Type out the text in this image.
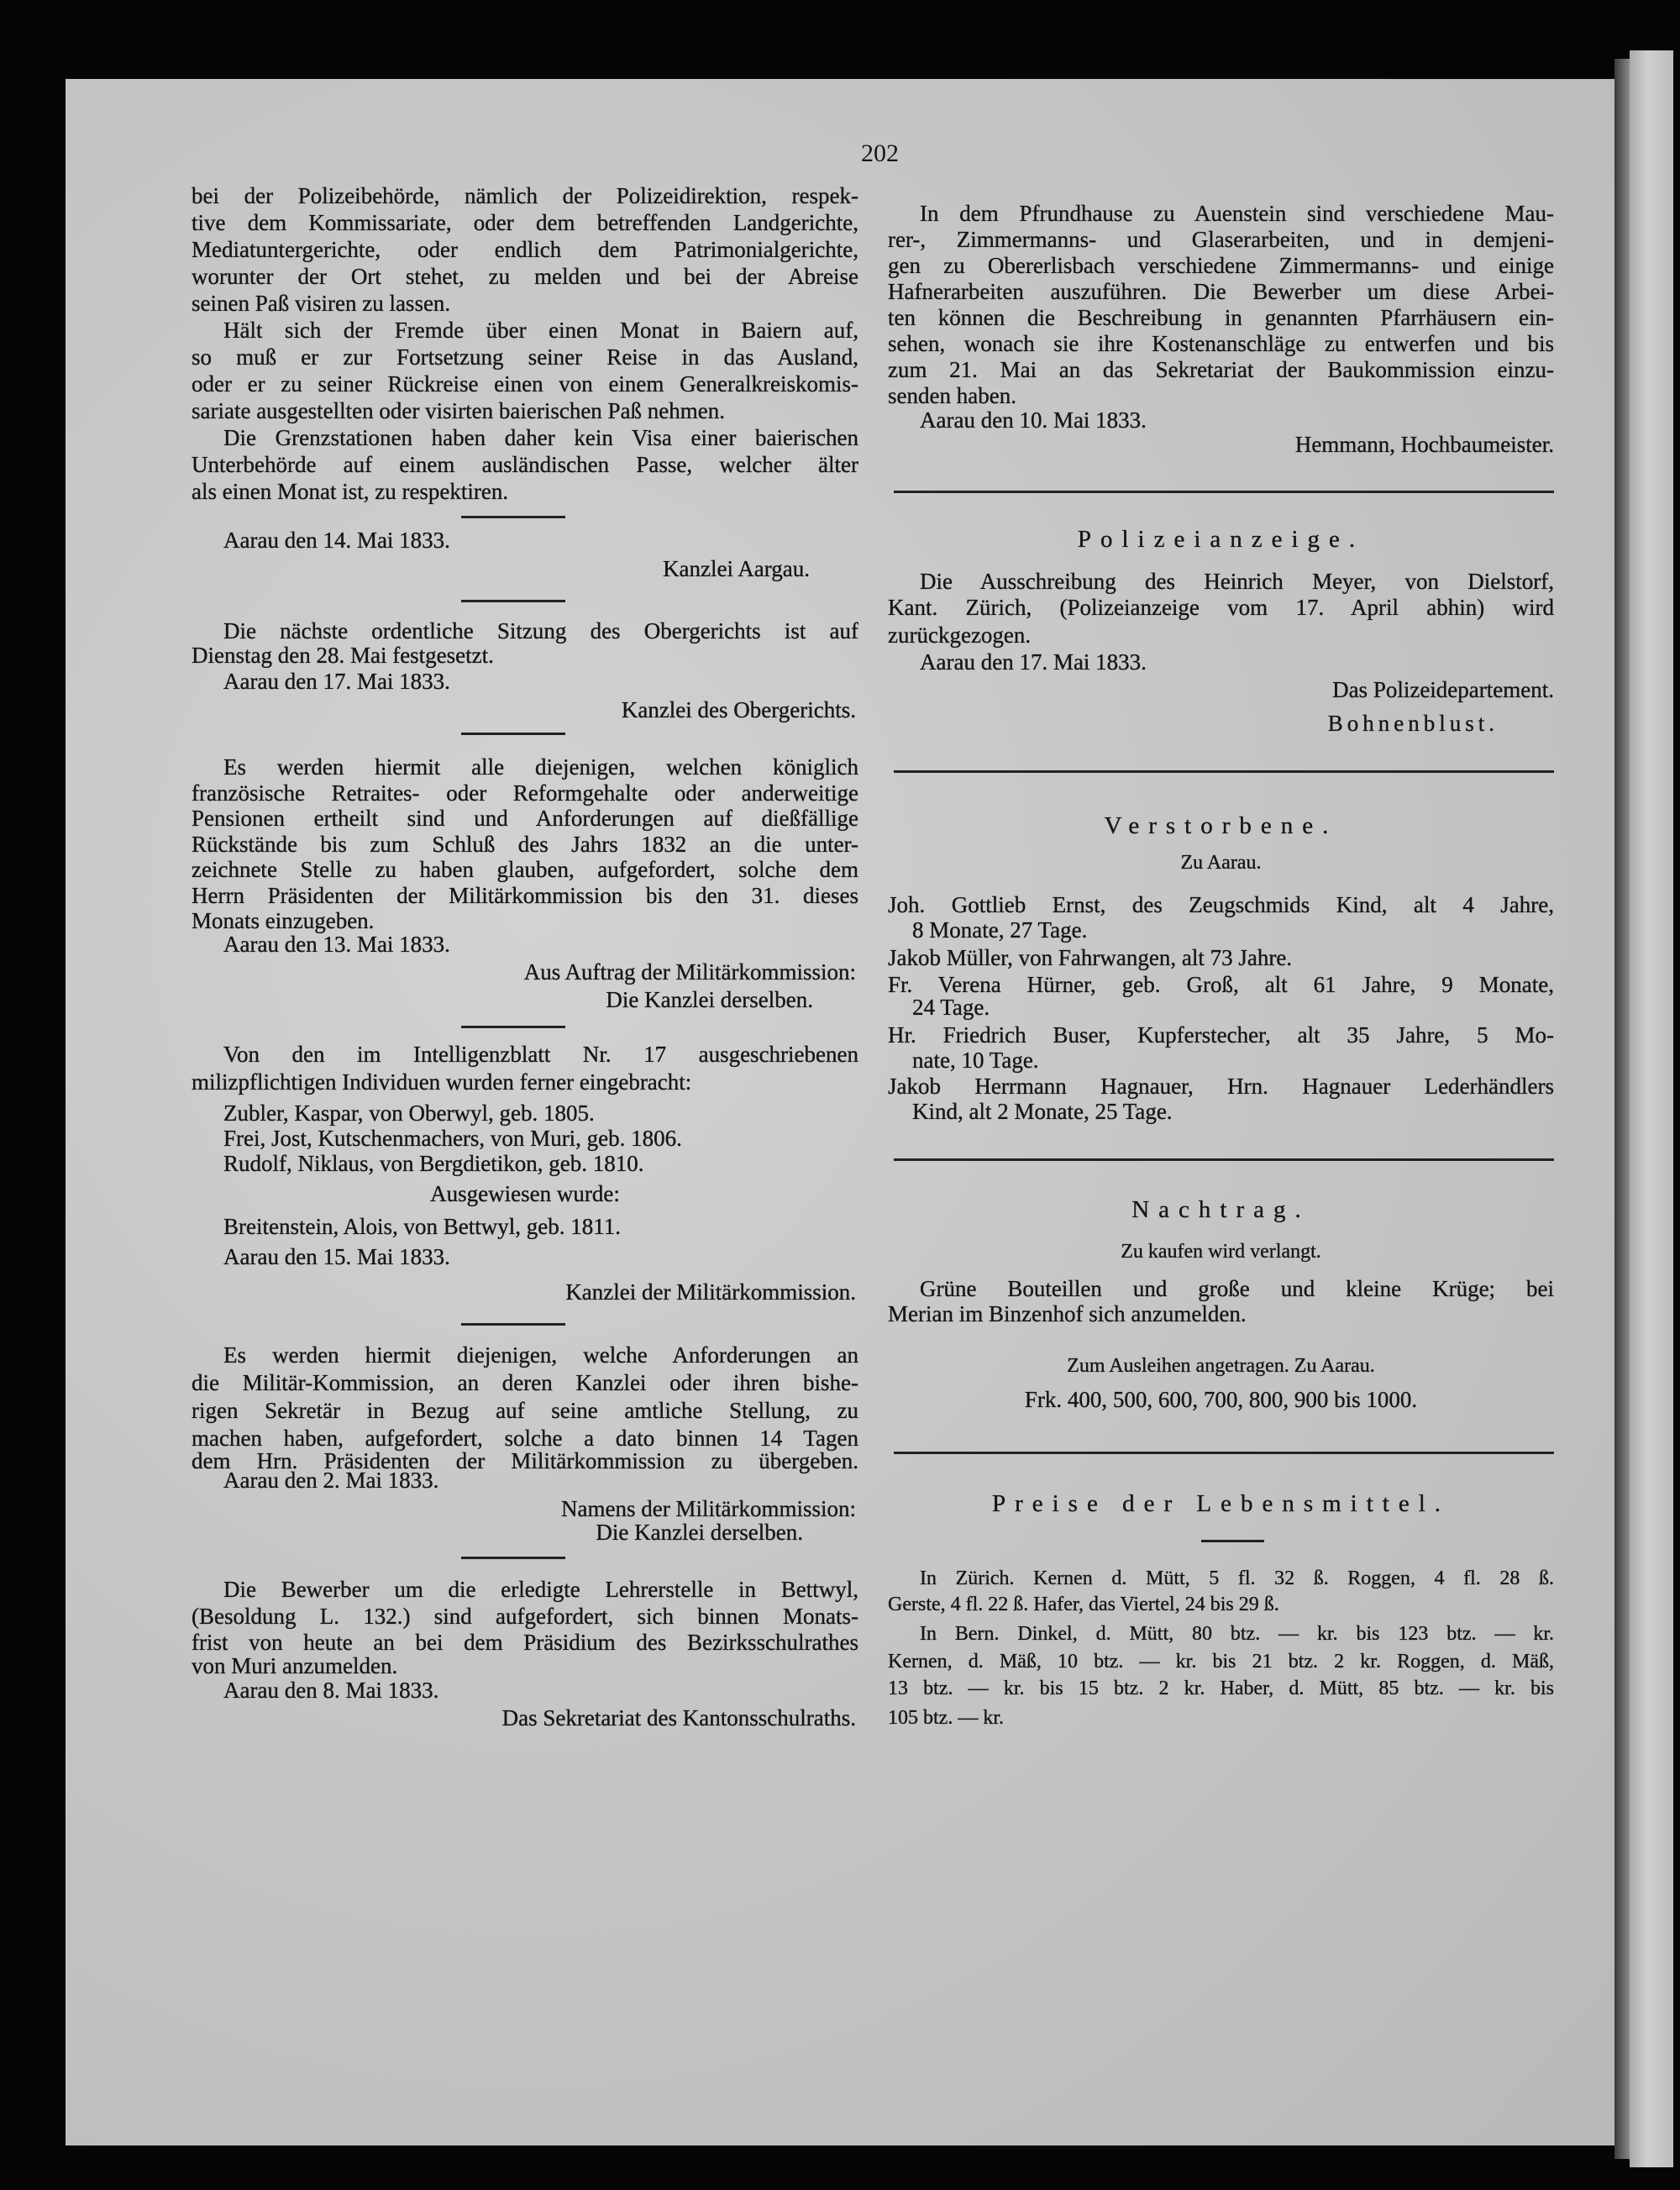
202
bei der Polizeibehörde, nämlich der Polizeidirektion, respek-
tive dem Kommissariate, oder dem betreffenden Landgerichte,
Mediatuntergerichte, oder endlich dem Patrimonialgerichte,
worunter der Ort stehet, zu melden und bei der Abreise
seinen Paß visiren zu lassen.
Hält sich der Fremde über einen Monat in Baiern auf,
so muß er zur Fortsetzung seiner Reise in das Ausland,
oder er zu seiner Rückreise einen von einem Generalkreiskomis-
sariate ausgestellten oder visirten baierischen Paß nehmen.
Die Grenzstationen haben daher kein Visa einer baierischen
Unterbehörde auf einem ausländischen Passe, welcher älter
als einen Monat ist, zu respektiren.
Aarau den 14. Mai 1833.
Kanzlei Aargau.
Die nächste ordentliche Sitzung des Obergerichts ist auf
Dienstag den 28. Mai festgesetzt.
Aarau den 17. Mai 1833.
Kanzlei des Obergerichts.
Es werden hiermit alle diejenigen, welchen königlich
französische Retraites- oder Reformgehalte oder anderweitige
Pensionen ertheilt sind und Anforderungen auf dießfällige
Rückstände bis zum Schluß des Jahrs 1832 an die unter-
zeichnete Stelle zu haben glauben, aufgefordert, solche dem
Herrn Präsidenten der Militärkommission bis den 31. dieses
Monats einzugeben.
Aarau den 13. Mai 1833.
Aus Auftrag der Militärkommission:
Die Kanzlei derselben.
Von den im Intelligenzblatt Nr. 17 ausgeschriebenen
milizpflichtigen Individuen wurden ferner eingebracht:
Zubler, Kaspar, von Oberwyl, geb. 1805.
Frei, Jost, Kutschenmachers, von Muri, geb. 1806.
Rudolf, Niklaus, von Bergdietikon, geb. 1810.
Ausgewiesen wurde:
Breitenstein, Alois, von Bettwyl, geb. 1811.
Aarau den 15. Mai 1833.
Kanzlei der Militärkommission.
Es werden hiermit diejenigen, welche Anforderungen an
die Militär-Kommission, an deren Kanzlei oder ihren bishe-
rigen Sekretär in Bezug auf seine amtliche Stellung, zu
machen haben, aufgefordert, solche a dato binnen 14 Tagen
dem Hrn. Präsidenten der Militärkommission zu übergeben.
Aarau den 2. Mai 1833.
Namens der Militärkommission:
Die Kanzlei derselben.
Die Bewerber um die erledigte Lehrerstelle in Bettwyl,
(Besoldung L. 132.) sind aufgefordert, sich binnen Monats-
frist von heute an bei dem Präsidium des Bezirksschulrathes
von Muri anzumelden.
Aarau den 8. Mai 1833.
Das Sekretariat des Kantonsschulraths.
In dem Pfrundhause zu Auenstein sind verschiedene Mau-
rer-, Zimmermanns- und Glaserarbeiten, und in demjeni-
gen zu Obererlisbach verschiedene Zimmermanns- und einige
Hafnerarbeiten auszuführen. Die Bewerber um diese Arbei-
ten können die Beschreibung in genannten Pfarrhäusern ein-
sehen, wonach sie ihre Kostenanschläge zu entwerfen und bis
zum 21. Mai an das Sekretariat der Baukommission einzu-
senden haben.
Aarau den 10. Mai 1833.
Hemmann, Hochbaumeister.
Polizeianzeige.
Die Ausschreibung des Heinrich Meyer, von Dielstorf,
Kant. Zürich, (Polizeianzeige vom 17. April abhin) wird
zurückgezogen.
Aarau den 17. Mai 1833.
Das Polizeidepartement.
Bohnenblust.
Verstorbene.
Zu Aarau.
Joh. Gottlieb Ernst, des Zeugschmids Kind, alt 4 Jahre,
8 Monate, 27 Tage.
Jakob Müller, von Fahrwangen, alt 73 Jahre.
Fr. Verena Hürner, geb. Groß, alt 61 Jahre, 9 Monate,
24 Tage.
Hr. Friedrich Buser, Kupferstecher, alt 35 Jahre, 5 Mo-
nate, 10 Tage.
Jakob Herrmann Hagnauer, Hrn. Hagnauer Lederhändlers
Kind, alt 2 Monate, 25 Tage.
Nachtrag.
Zu kaufen wird verlangt.
Grüne Bouteillen und große und kleine Krüge; bei
Merian im Binzenhof sich anzumelden.
Zum Ausleihen angetragen. Zu Aarau.
Frk. 400, 500, 600, 700, 800, 900 bis 1000.
Preise der Lebensmittel.
In Zürich. Kernen d. Mütt, 5 fl. 32 ß. Roggen, 4 fl. 28 ß.
Gerste, 4 fl. 22 ß. Hafer, das Viertel, 24 bis 29 ß.
In Bern. Dinkel, d. Mütt, 80 btz. — kr. bis 123 btz. — kr.
Kernen, d. Mäß, 10 btz. — kr. bis 21 btz. 2 kr. Roggen, d. Mäß,
13 btz. — kr. bis 15 btz. 2 kr. Haber, d. Mütt, 85 btz. — kr. bis
105 btz. — kr.
